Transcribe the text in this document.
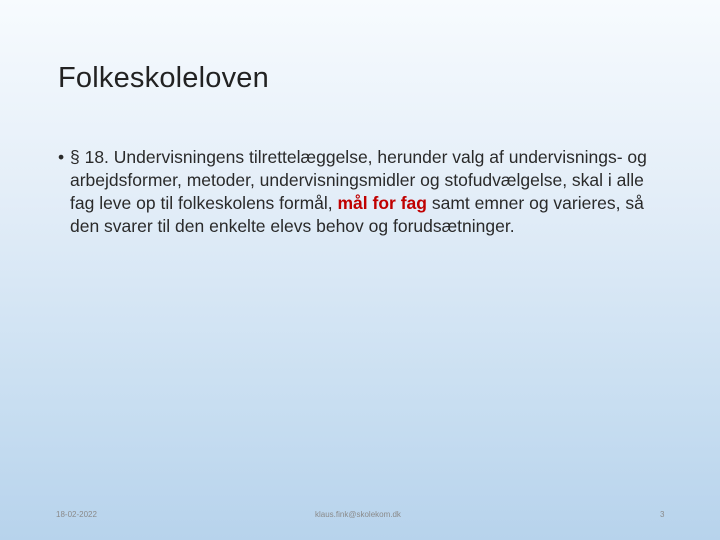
Folkeskoleloven
• § 18. Undervisningens tilrettelæggelse, herunder valg af undervisnings- og arbejdsformer, metoder, undervisningsmidler og stofudvælgelse, skal i alle fag leve op til folkeskolens formål, mål for fag samt emner og varieres, så den svarer til den enkelte elevs behov og forudsætninger.
18-02-2022	klaus.fink@skolekom.dk	3
